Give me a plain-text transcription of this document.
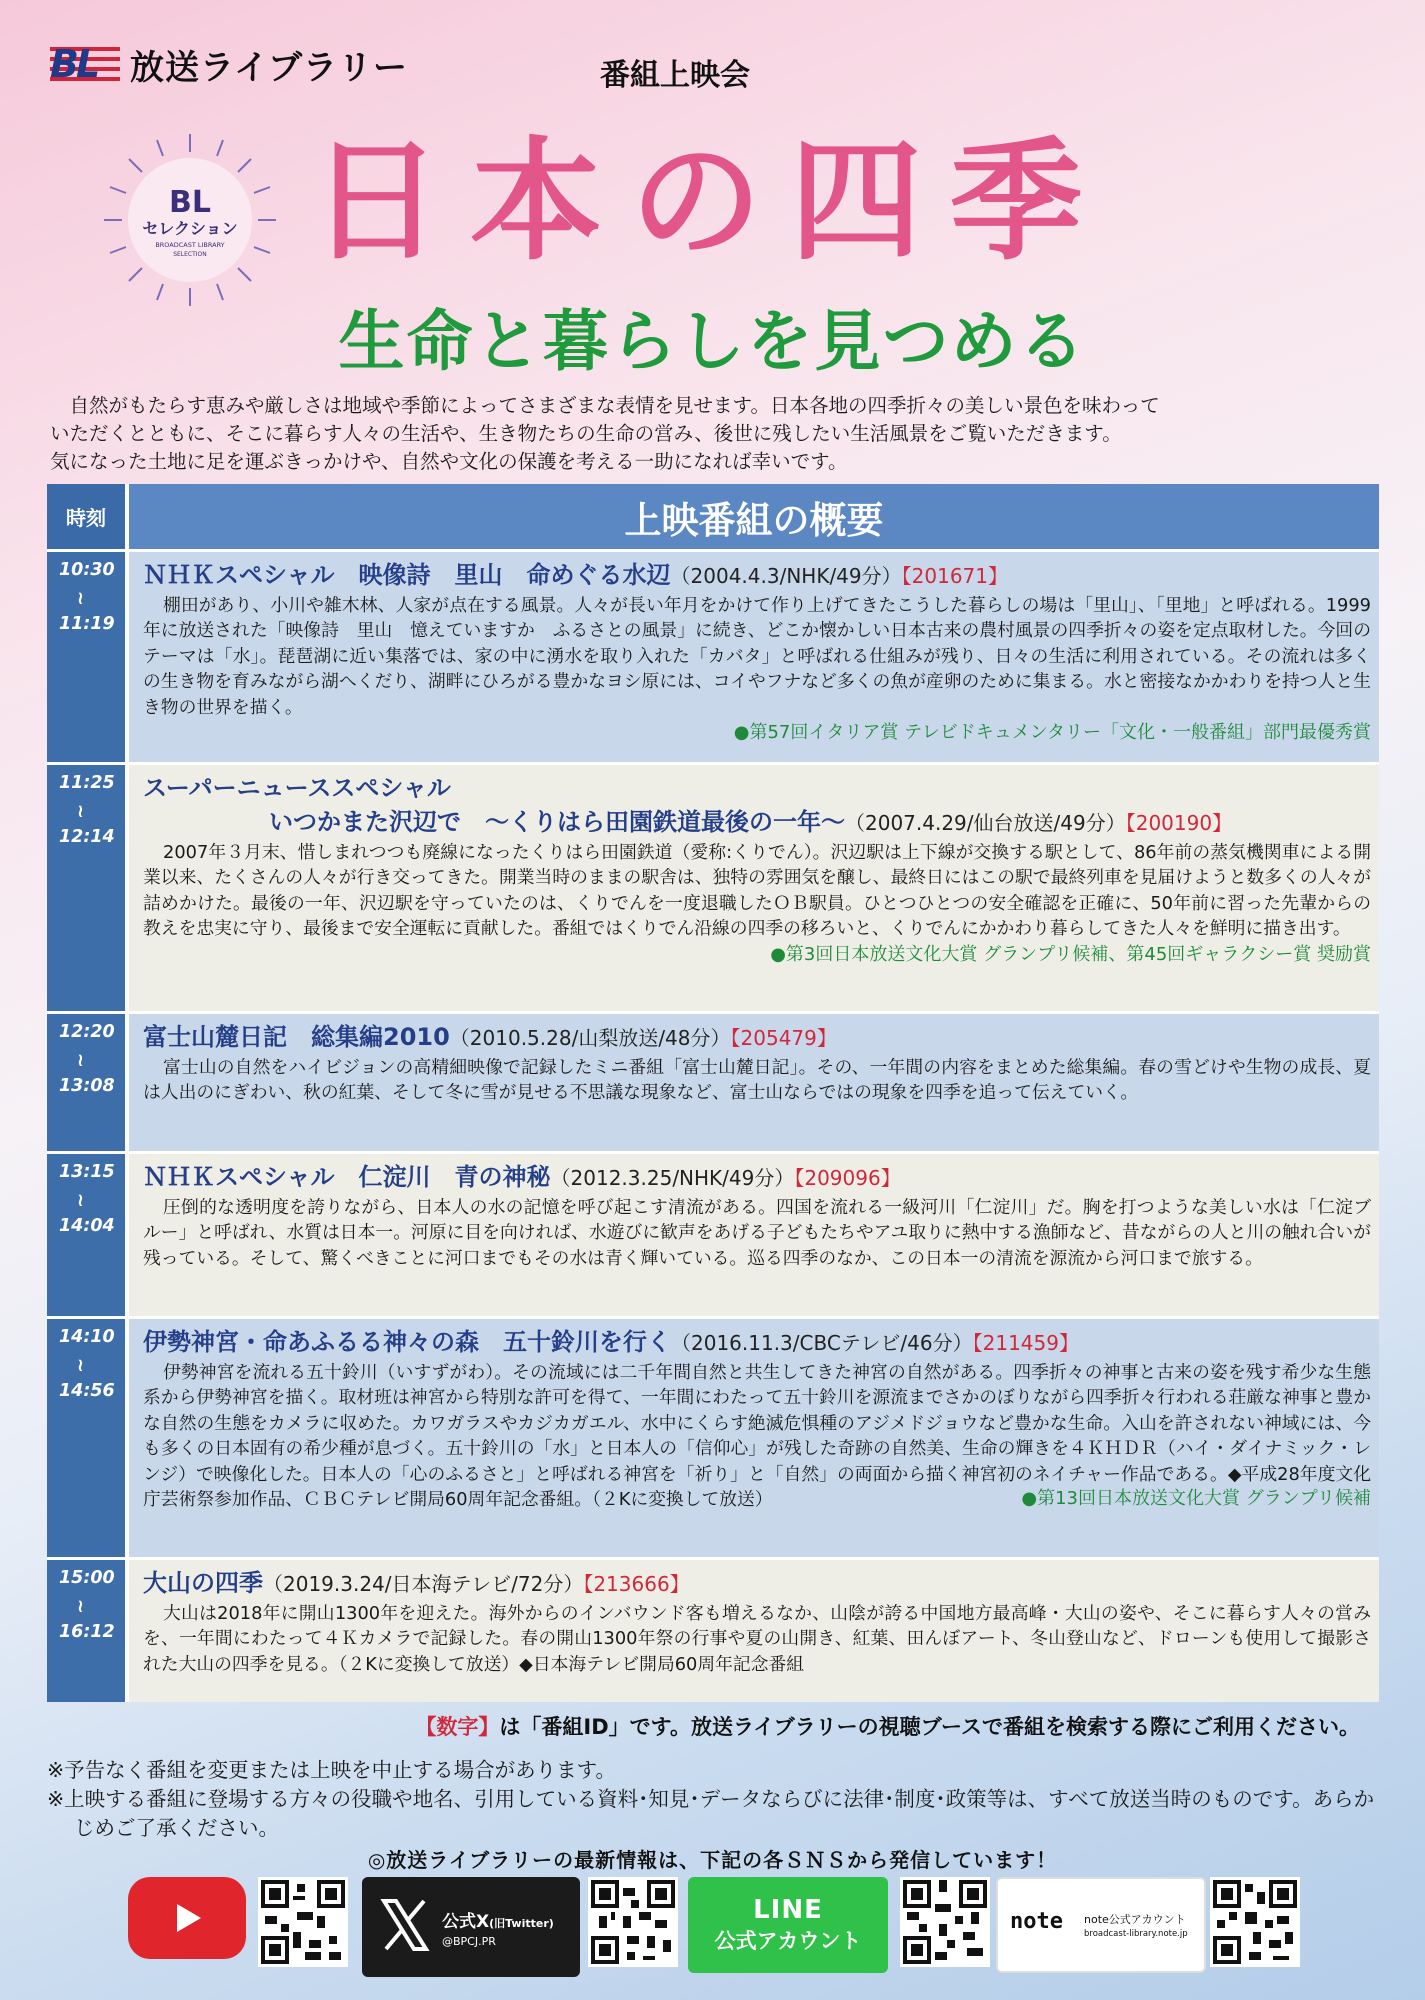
BL 放送ライブラリー	番組上映会
BL
セレクション
BROADCAST LIBRARY
SELECTION 日本の四季
生命と暮らしを見つめる

　自然がもたらす恵みや厳しさは地域や季節によってさまざまな表情を見せます。日本各地の四季折々の美しい景色を味わって

いただくとともに、そこに暮らす人々の生活や、生き物たちの生命の営み、後世に残したい生活風景をご覧いただきます。

気になった土地に足を運ぶきっかけや、自然や文化の保護を考える一助になれば幸いです。

時刻	上映番組の概要
10:30
≀
11:19
ＮＨＫスペシャル　映像詩　里山　命めぐる水辺（2004.4.3/NHK/49分）【201671】
棚田があり、小川や雑木林、人家が点在する風景。人々が長い年月をかけて作り上げてきたこうした暮らしの場は「里山」、「里地」と呼ばれる。1999年に放送された「映像詩　里山　憶えていますか　ふるさとの風景」に続き、どこか懐かしい日本古来の農村風景の四季折々の姿を定点取材した。今回のテーマは「水」。琵琶湖に近い集落では、家の中に湧水を取り入れた「カバタ」と呼ばれる仕組みが残り、日々の生活に利用されている。その流れは多くの生き物を育みながら湖へくだり、湖畔にひろがる豊かなヨシ原には、コイやフナなど多くの魚が産卵のために集まる。水と密接なかかわりを持つ人と生き物の世界を描く。
●第57回イタリア賞 テレビドキュメンタリー「文化・一般番組」部門最優秀賞
11:25
≀
12:14
スーパーニューススペシャル
いつかまた沢辺で　～くりはら田園鉄道最後の一年～（2007.4.29/仙台放送/49分）【200190】
2007年３月末、惜しまれつつも廃線になったくりはら田園鉄道（愛称:くりでん）。沢辺駅は上下線が交換する駅として、86年前の蒸気機関車による開業以来、たくさんの人々が行き交ってきた。開業当時のままの駅舎は、独特の雰囲気を醸し、最終日にはこの駅で最終列車を見届けようと数多くの人々が詰めかけた。最後の一年、沢辺駅を守っていたのは、くりでんを一度退職したＯＢ駅員。ひとつひとつの安全確認を正確に、50年前に習った先輩からの教えを忠実に守り、最後まで安全運転に貢献した。番組ではくりでん沿線の四季の移ろいと、くりでんにかかわり暮らしてきた人々を鮮明に描き出す。
●第3回日本放送文化大賞 グランプリ候補、第45回ギャラクシー賞 奨励賞
12:20
≀
13:08
富士山麓日記　総集編2010（2010.5.28/山梨放送/48分）【205479】
富士山の自然をハイビジョンの高精細映像で記録したミニ番組「富士山麓日記」。その、一年間の内容をまとめた総集編。春の雪どけや生物の成長、夏は人出のにぎわい、秋の紅葉、そして冬に雪が見せる不思議な現象など、富士山ならではの現象を四季を追って伝えていく。
13:15
≀
14:04
ＮＨＫスペシャル　仁淀川　青の神秘（2012.3.25/NHK/49分）【209096】
圧倒的な透明度を誇りながら、日本人の水の記憶を呼び起こす清流がある。四国を流れる一級河川「仁淀川」だ。胸を打つような美しい水は「仁淀ブルー」と呼ばれ、水質は日本一。河原に目を向ければ、水遊びに歓声をあげる子どもたちやアユ取りに熱中する漁師など、昔ながらの人と川の触れ合いが残っている。そして、驚くべきことに河口までもその水は青く輝いている。巡る四季のなか、この日本一の清流を源流から河口まで旅する。
14:10
≀
14:56
伊勢神宮・命あふるる神々の森　五十鈴川を行く（2016.11.3/CBCテレビ/46分）【211459】
伊勢神宮を流れる五十鈴川（いすずがわ）。その流域には二千年間自然と共生してきた神宮の自然がある。四季折々の神事と古来の姿を残す希少な生態系から伊勢神宮を描く。取材班は神宮から特別な許可を得て、一年間にわたって五十鈴川を源流までさかのぼりながら四季折々行われる荘厳な神事と豊かな自然の生態をカメラに収めた。カワガラスやカジカガエル、水中にくらす絶滅危惧種のアジメドジョウなど豊かな生命。入山を許されない神域には、今も多くの日本固有の希少種が息づく。五十鈴川の「水」と日本人の「信仰心」が残した奇跡の自然美、生命の輝きを４ＫＨＤＲ（ハイ・ダイナミック・レンジ）で映像化した。日本人の「心のふるさと」と呼ばれる神宮を「祈り」と「自然」の両面から描く神宮初のネイチャー作品である。◆平成28年度文化庁芸術祭参加作品、ＣＢＣテレビ開局60周年記念番組。（２Kに変換して放送）	●第13回日本放送文化大賞 グランプリ候補
15:00
≀
16:12
大山の四季（2019.3.24/日本海テレビ/72分）【213666】
大山は2018年に開山1300年を迎えた。海外からのインバウンド客も増えるなか、山陰が誇る中国地方最高峰・大山の姿や、そこに暮らす人々の営みを、一年間にわたって４Ｋカメラで記録した。春の開山1300年祭の行事や夏の山開き、紅葉、田んぼアート、冬山登山など、ドローンも使用して撮影された大山の四季を見る。（２Kに変換して放送）◆日本海テレビ開局60周年記念番組
【数字】は「番組ID」です。放送ライブラリーの視聴ブースで番組を検索する際にご利用ください。

※予告なく番組を変更または上映を中止する場合があります。

※上映する番組に登場する方々の役職や地名、引用している資料･知見･データならびに法律･制度･政策等は、すべて放送当時のものです。あらかじめご了承ください。

◎放送ライブラリーの最新情報は、下記の各ＳＮＳから発信しています！
公式X(旧Twitter)
@BPCJ.PR
LINE
公式アカウント
note note公式アカウント
broadcast-library.note.jp
